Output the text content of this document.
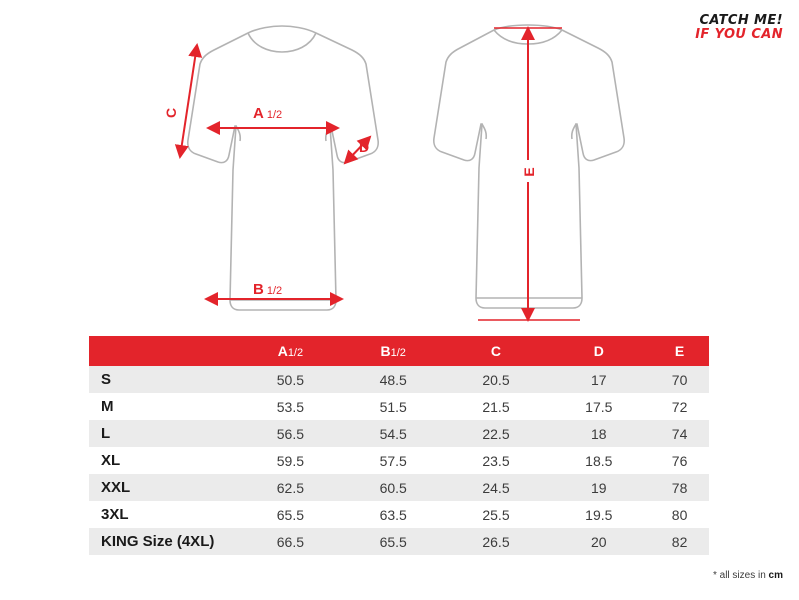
CATCH ME!
IF YOU CAN
A 1/2
B 1/2
C
D
E
	A1/2	B1/2	C	D	E
S	50.5	48.5	20.5	17	70
M	53.5	51.5	21.5	17.5	72
L	56.5	54.5	22.5	18	74
XL	59.5	57.5	23.5	18.5	76
XXL	62.5	60.5	24.5	19	78
3XL	65.5	63.5	25.5	19.5	80
KING Size (4XL)	66.5	65.5	26.5	20	82
* all sizes in cm
